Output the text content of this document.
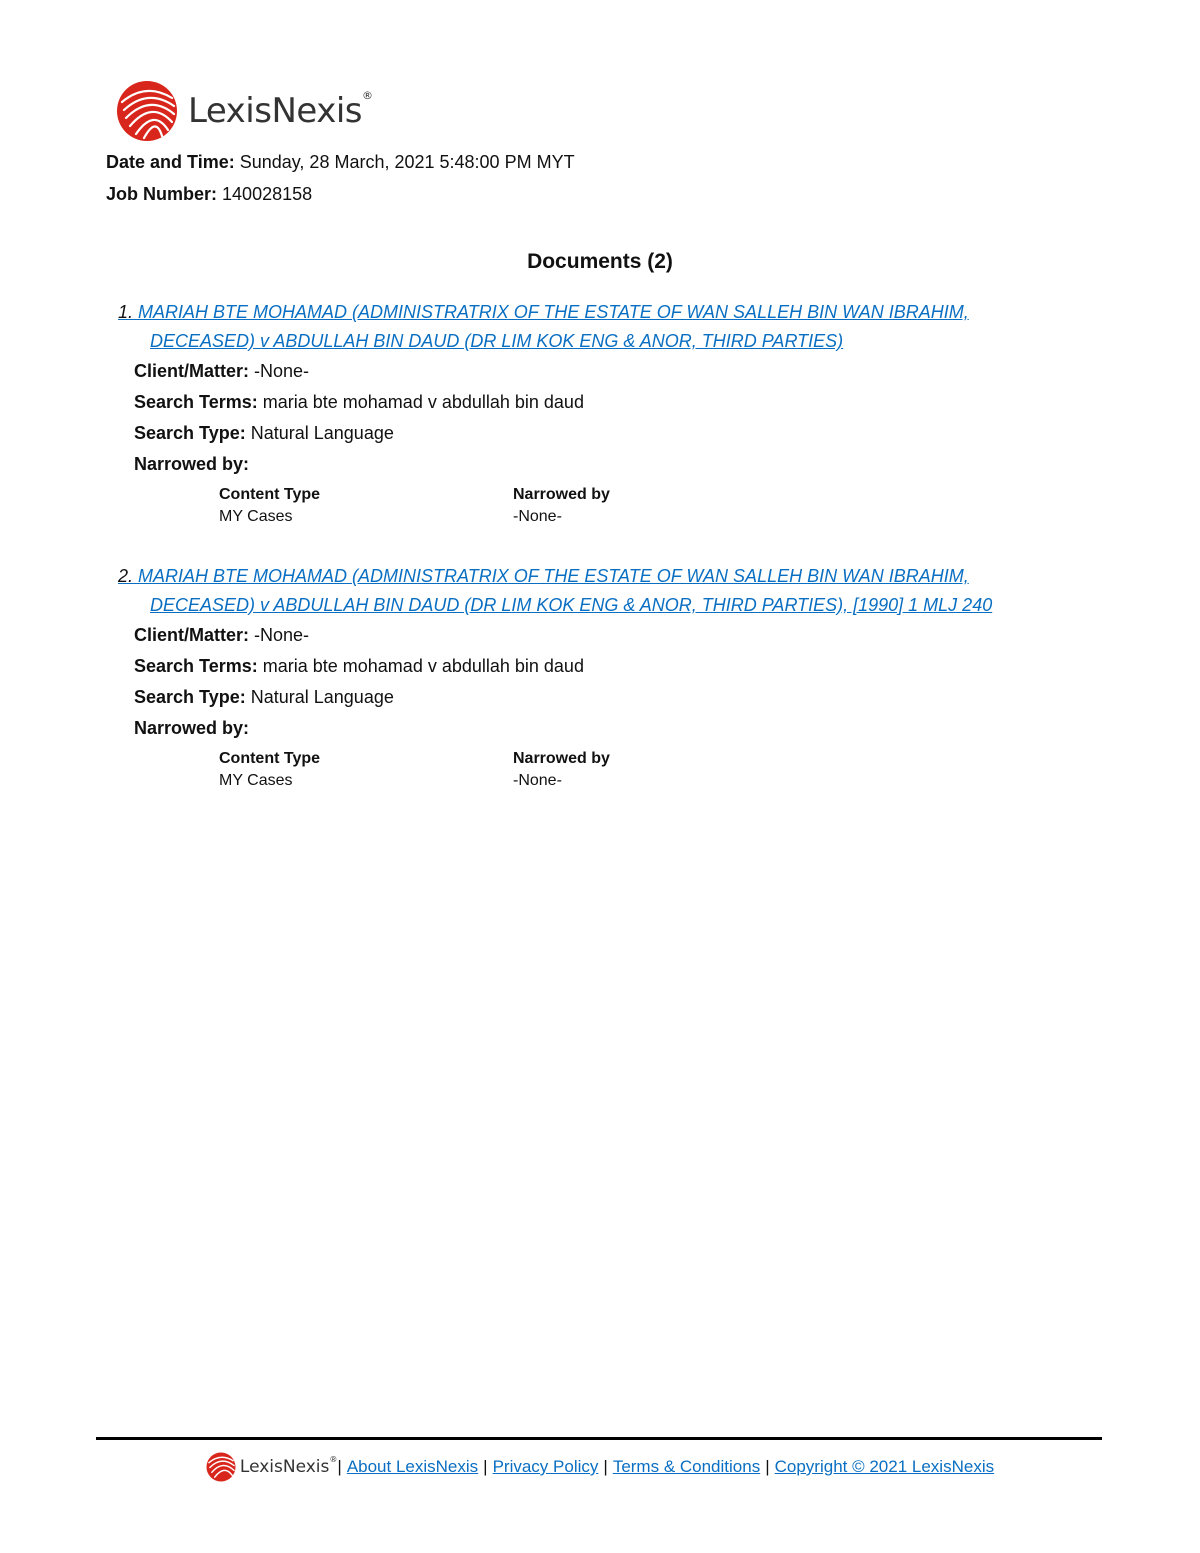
LexisNexis®
Date and Time: Sunday, 28 March, 2021 5:48:00 PM MYT
Job Number: 140028158
Documents (2)
1. MARIAH BTE MOHAMAD (ADMINISTRATRIX OF THE ESTATE OF WAN SALLEH BIN WAN IBRAHIM,
DECEASED) v ABDULLAH BIN DAUD (DR LIM KOK ENG & ANOR, THIRD PARTIES)
Client/Matter: -None-
Search Terms: maria bte mohamad v abdullah bin daud
Search Type: Natural Language
Narrowed by:
Content Type	Narrowed by
MY Cases	-None-
2. MARIAH BTE MOHAMAD (ADMINISTRATRIX OF THE ESTATE OF WAN SALLEH BIN WAN IBRAHIM,
DECEASED) v ABDULLAH BIN DAUD (DR LIM KOK ENG & ANOR, THIRD PARTIES), [1990] 1 MLJ 240
Client/Matter: -None-
Search Terms: maria bte mohamad v abdullah bin daud
Search Type: Natural Language
Narrowed by:
Content Type	Narrowed by
MY Cases	-None-
LexisNexis® | About LexisNexis | Privacy Policy | Terms & Conditions | Copyright © 2021 LexisNexis
